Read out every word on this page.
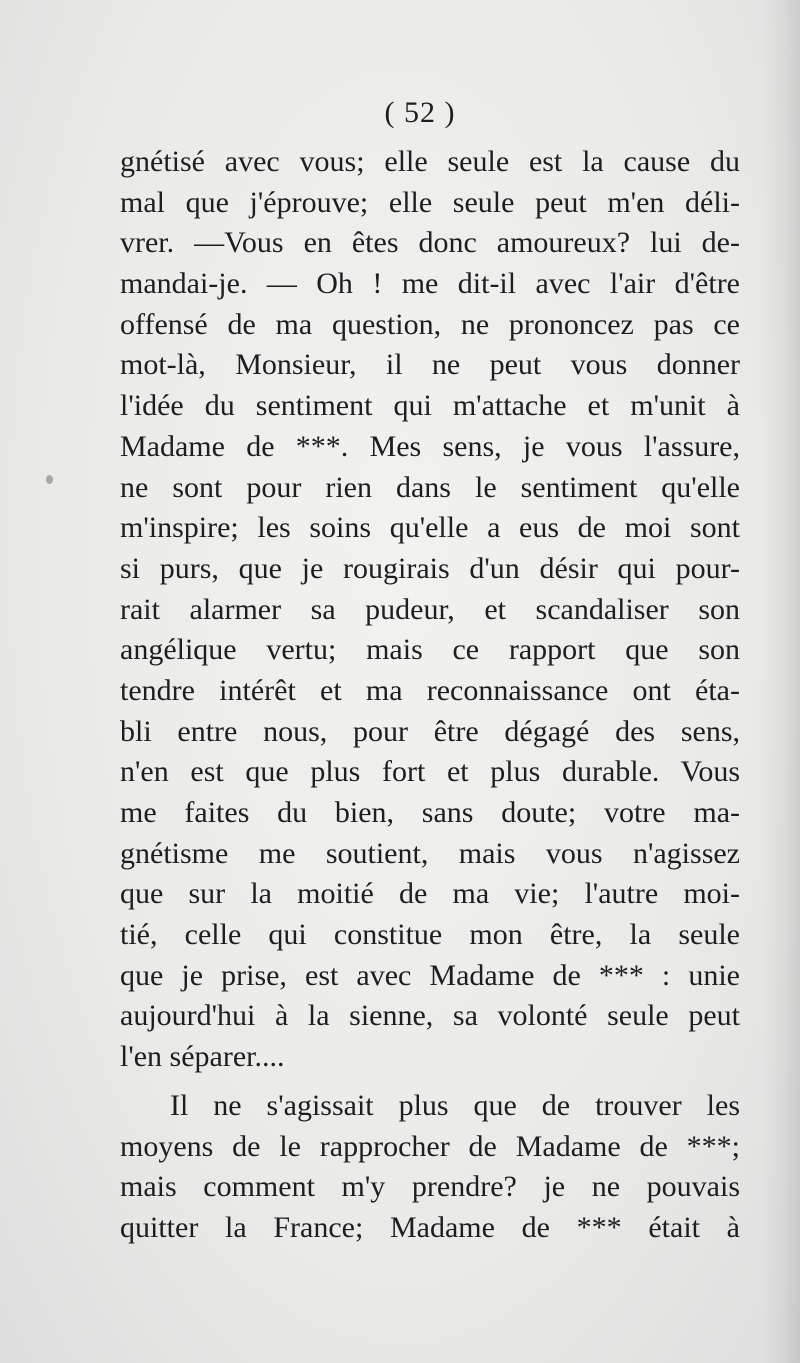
( 52 )
gnétisé avec vous; elle seule est la cause du
mal que j'éprouve; elle seule peut m'en déli-
vrer. —Vous en êtes donc amoureux? lui de-
mandai-je. — Oh ! me dit-il avec l'air d'être
offensé de ma question, ne prononcez pas ce
mot-là, Monsieur, il ne peut vous donner
l'idée du sentiment qui m'attache et m'unit à
Madame de ***. Mes sens, je vous l'assure,
ne sont pour rien dans le sentiment qu'elle
m'inspire; les soins qu'elle a eus de moi sont
si purs, que je rougirais d'un désir qui pour-
rait alarmer sa pudeur, et scandaliser son
angélique vertu; mais ce rapport que son
tendre intérêt et ma reconnaissance ont éta-
bli entre nous, pour être dégagé des sens,
n'en est que plus fort et plus durable. Vous
me faites du bien, sans doute; votre ma-
gnétisme me soutient, mais vous n'agissez
que sur la moitié de ma vie; l'autre moi-
tié, celle qui constitue mon être, la seule
que je prise, est avec Madame de *** : unie
aujourd'hui à la sienne, sa volonté seule peut
l'en séparer....
Il ne s'agissait plus que de trouver les
moyens de le rapprocher de Madame de ***;
mais comment m'y prendre? je ne pouvais
quitter la France; Madame de *** était à
